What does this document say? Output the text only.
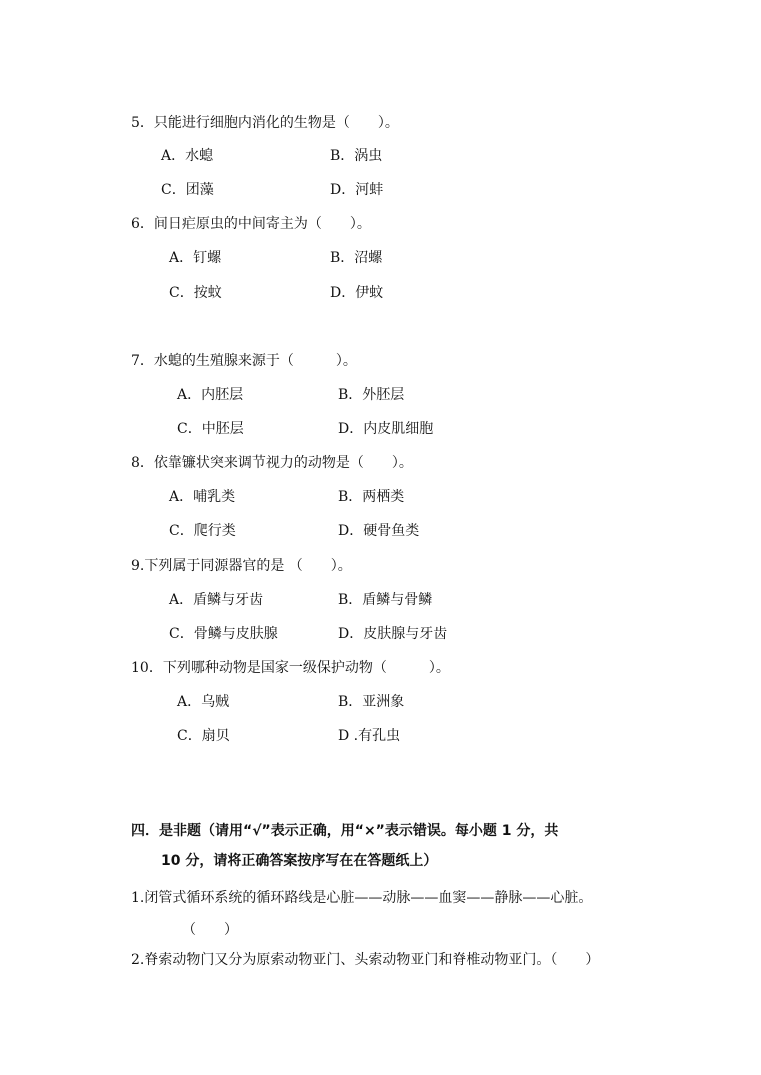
5．只能进行细胞内消化的生物是（　　）。
A．水螅	B．涡虫
C．团藻	D．河蚌
6．间日疟原虫的中间寄主为（　　）。
A．钉螺	B．沼螺
C．按蚊	D．伊蚊
7．水螅的生殖腺来源于（　　　）。
A．内胚层	B．外胚层
C．中胚层	D．内皮肌细胞
8．依靠镰状突来调节视力的动物是（　　）。
A．哺乳类	B．两栖类
C．爬行类	D．硬骨鱼类
9.下列属于同源器官的是 （　　）。
A．盾鳞与牙齿	B．盾鳞与骨鳞
C．骨鳞与皮肤腺	D．皮肤腺与牙齿
10．下列哪种动物是国家一级保护动物（　　　）。
A．乌贼	B．亚洲象
C．扇贝	D .有孔虫
四．是非题（请用“√”表示正确，用“×”表示错误。每小题 1 分，共
10 分，请将正确答案按序写在在答题纸上）
1.闭管式循环系统的循环路线是心脏——动脉——血窦——静脉——心脏。
（　　）
2.脊索动物门又分为原索动物亚门、头索动物亚门和脊椎动物亚门。（　　）
